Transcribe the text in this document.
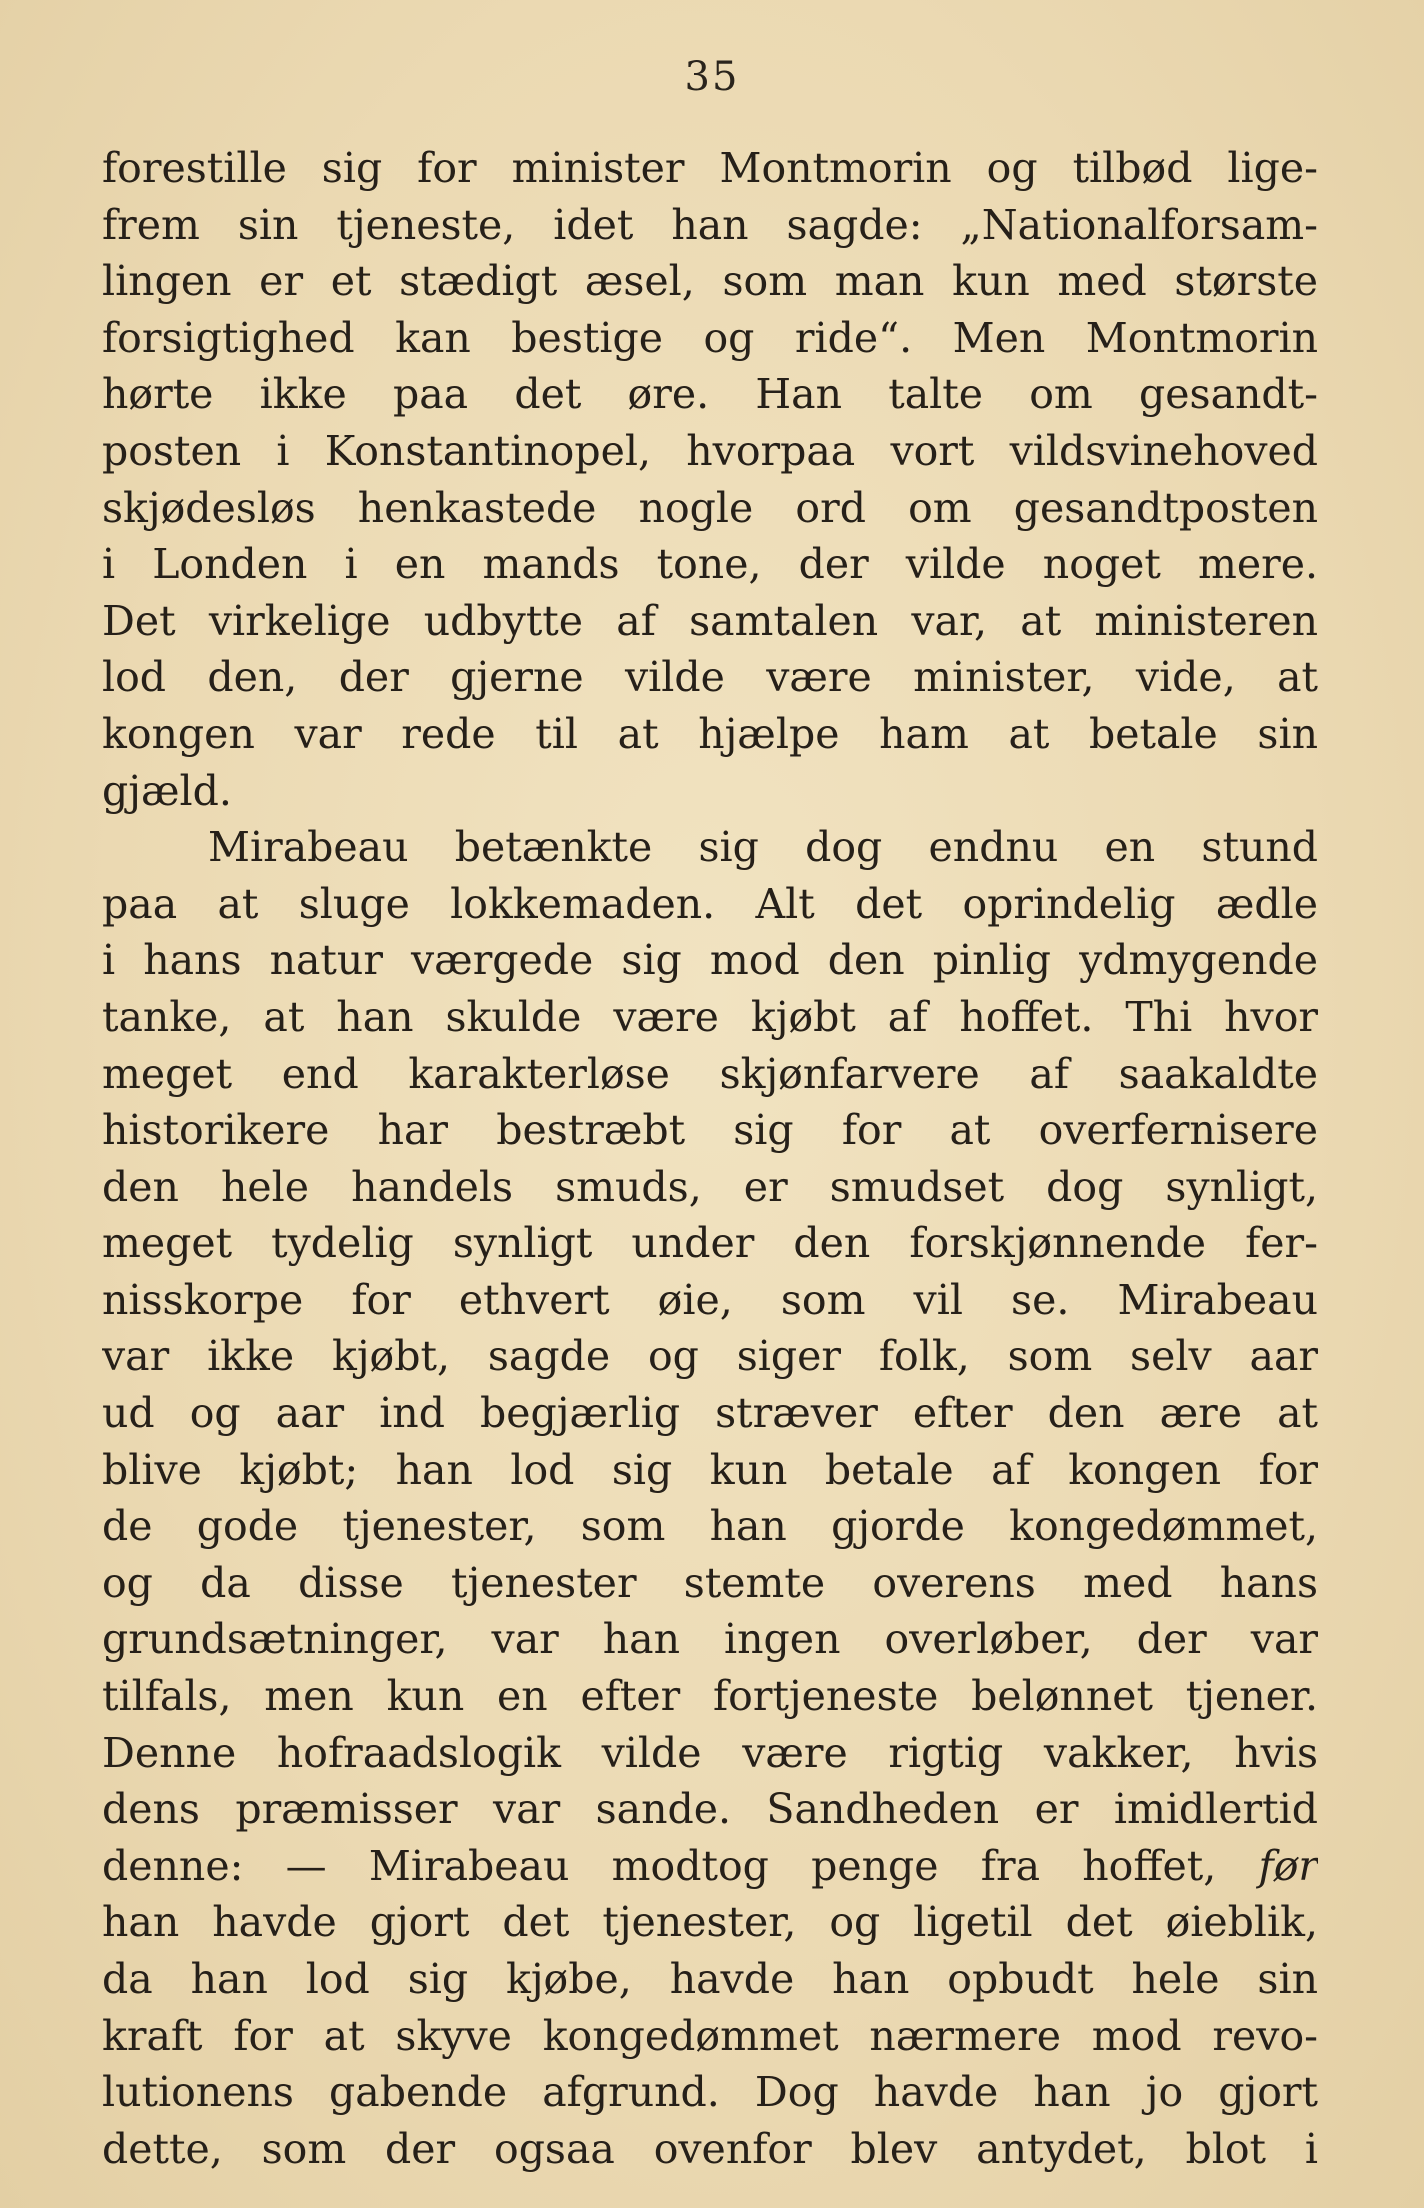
35
forestille sig for minister Montmorin og tilbød lige-
frem sin tjeneste, idet han sagde: „Nationalforsam-
lingen er et stædigt æsel, som man kun med største
forsigtighed kan bestige og ride“. Men Montmorin
hørte ikke paa det øre. Han talte om gesandt-
posten i Konstantinopel, hvorpaa vort vildsvinehoved
skjødesløs henkastede nogle ord om gesandtposten
i Londen i en mands tone, der vilde noget mere.
Det virkelige udbytte af samtalen var, at ministeren
lod den, der gjerne vilde være minister, vide, at
kongen var rede til at hjælpe ham at betale sin
gjæld.
Mirabeau betænkte sig dog endnu en stund
paa at sluge lokkemaden. Alt det oprindelig ædle
i hans natur værgede sig mod den pinlig ydmygende
tanke, at han skulde være kjøbt af hoffet. Thi hvor
meget end karakterløse skjønfarvere af saakaldte
historikere har bestræbt sig for at overfernisere
den hele handels smuds, er smudset dog synligt,
meget tydelig synligt under den forskjønnende fer-
nisskorpe for ethvert øie, som vil se. Mirabeau
var ikke kjøbt, sagde og siger folk, som selv aar
ud og aar ind begjærlig stræver efter den ære at
blive kjøbt; han lod sig kun betale af kongen for
de gode tjenester, som han gjorde kongedømmet,
og da disse tjenester stemte overens med hans
grundsætninger, var han ingen overløber, der var
tilfals, men kun en efter fortjeneste belønnet tjener.
Denne hofraadslogik vilde være rigtig vakker, hvis
dens præmisser var sande. Sandheden er imidlertid
denne: — Mirabeau modtog penge fra hoffet, før
han havde gjort det tjenester, og ligetil det øieblik,
da han lod sig kjøbe, havde han opbudt hele sin
kraft for at skyve kongedømmet nærmere mod revo-
lutionens gabende afgrund. Dog havde han jo gjort
dette, som der ogsaa ovenfor blev antydet, blot i
